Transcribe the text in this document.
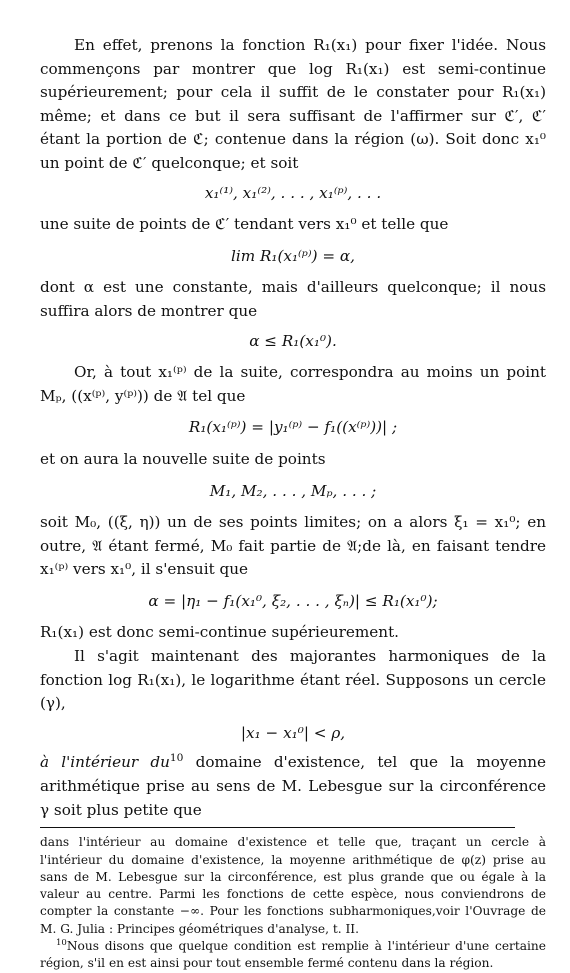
En effet, prenons la fonction R₁(x₁) pour fixer l'idée. Nous commençons par montrer que log R₁(x₁) est semi-continue supérieurement; pour cela il suffit de le constater pour R₁(x₁) même; et dans ce but il sera suffisant de l'affirmer sur ℭ′, ℭ′ étant la portion de ℭ; contenue dans la région (ω). Soit donc x₁⁰ un point de ℭ′ quelconque; et soit

x₁⁽¹⁾, x₁⁽²⁾, . . . , x₁⁽ᵖ⁾, . . .

une suite de points de ℭ′ tendant vers x₁⁰ et telle que

lim R₁(x₁⁽ᵖ⁾) = α,

dont α est une constante, mais d'ailleurs quelconque; il nous suffira alors de montrer que

α ≤ R₁(x₁⁰).

Or, à tout x₁⁽ᵖ⁾ de la suite, correspondra au moins un point Mₚ, ((x⁽ᵖ⁾, y⁽ᵖ⁾)) de 𝔄 tel que

R₁(x₁⁽ᵖ⁾) = |y₁⁽ᵖ⁾ − f₁((x⁽ᵖ⁾))| ;

et on aura la nouvelle suite de points

M₁, M₂, . . . , Mₚ, . . . ;

soit M₀, ((ξ, η)) un de ses points limites; on a alors ξ₁ = x₁⁰; en outre, 𝔄 étant fermé, M₀ fait partie de 𝔄;de là, en faisant tendre x₁⁽ᵖ⁾ vers x₁⁰, il s'ensuit que

α = |η₁ − f₁(x₁⁰, ξ₂, . . . , ξₙ)| ≤ R₁(x₁⁰);

R₁(x₁) est donc semi-continue supérieurement.

Il s'agit maintenant des majorantes harmoniques de la fonction log R₁(x₁), le logarithme étant réel. Supposons un cercle (γ),

|x₁ − x₁⁰| < ρ,

à l'intérieur $du^{10}$ domaine d'existence, tel que la moyenne arithmétique prise au sens de M. Lebesgue sur la circonférence γ soit plus petite que

dans l'intérieur au domaine d'existence et telle que, traçant un cercle à l'intérieur du domaine d'existence, la moyenne arithmétique de φ(z) prise au sans de M. Lebesgue sur la circonférence, est plus grande que ou égale à la valeur au centre. Parmi les fonctions de cette espèce, nous conviendrons de compter la constante −∞. Pour les fonctions subharmoniques,voir l'Ouvrage de M. G. Julia : Principes géométriques d'analyse, t. II.

$^{10}$Nous disons que quelque condition est remplie à l'intérieur d'une certaine région, s'il en est ainsi pour tout ensemble fermé contenu dans la région.
